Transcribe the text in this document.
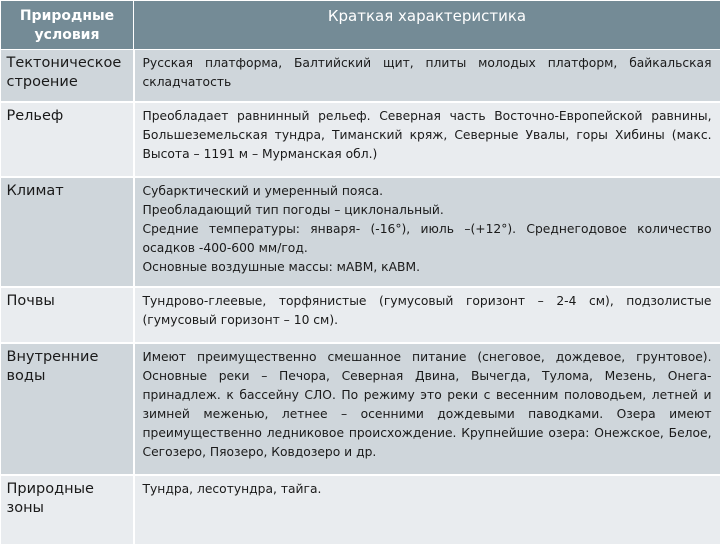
Природные условия	Краткая характеристика
Тектоническое строение	Русская платформа, Балтийский щит, плиты молодых платформ, байкальская складчатость

Рельеф	Преобладает равнинный рельеф. Северная часть Восточно-Европейской равнины, Большеземельская тундра, Тиманский кряж, Северные Увалы, горы Хибины (макс. Высота – 1191 м – Мурманская обл.)

Климат	Субарктический и умеренный пояса.
Преобладающий тип погоды – циклональный.
Средние температуры: января- (-16°), июль –(+12°). Среднегодовое количество осадков -400-600 мм/год.
Основные воздушные массы: мАВМ, кАВМ.

Почвы	Тундрово-глеевые, торфянистые (гумусовый горизонт – 2-4 см), подзолистые (гумусовый горизонт – 10 см).

Внутренние воды	Имеют преимущественно смешанное питание (снеговое, дождевое, грунтовое). Основные реки – Печора, Северная Двина, Вычегда, Тулома, Мезень, Онега- принадлеж. к бассейну СЛО. По режиму это реки с весенним половодьем, летней и зимней меженью, летнее – осенними дождевыми паводками. Озера имеют преимущественно ледниковое происхождение. Крупнейшие озера: Онежское, Белое, Сегозеро, Пяозеро, Ковдозеро и др.

Природные зоны	Тундра, лесотундра, тайга.
